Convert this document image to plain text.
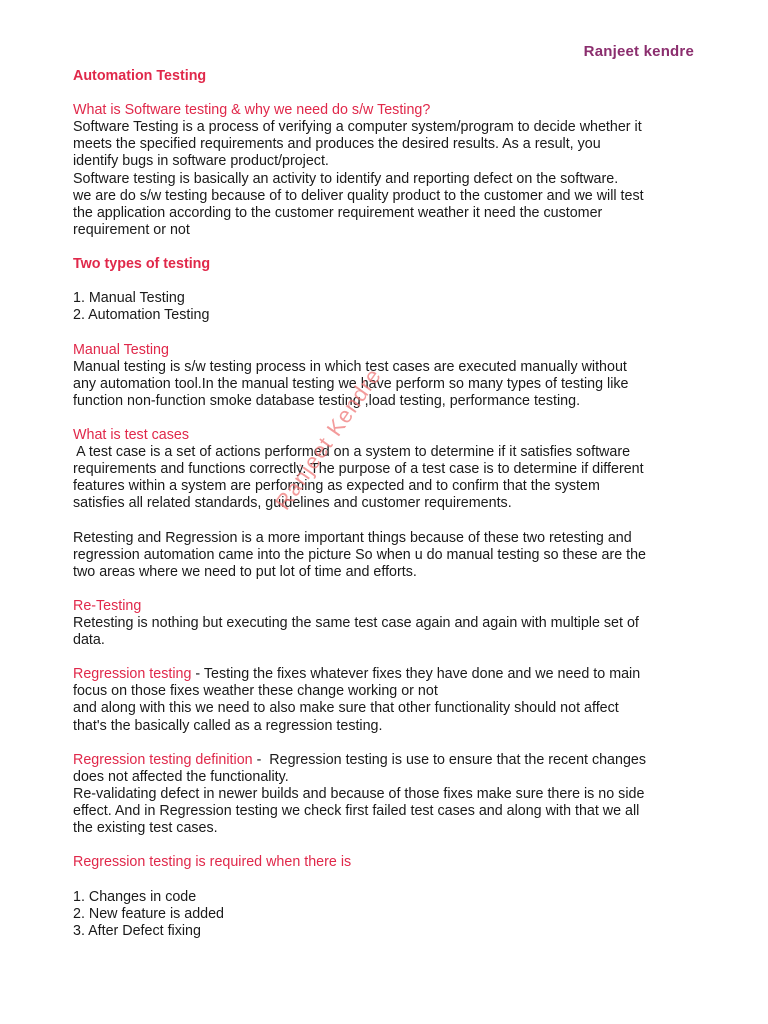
Ranjeet kendre
Automation Testing
What is Software testing & why we need do s/w Testing?
Software Testing is a process of verifying a computer system/program to decide whether it
meets the specified requirements and produces the desired results. As a result, you
identify bugs in software product/project.
Software testing is basically an activity to identify and reporting defect on the software.
we are do s/w testing because of to deliver quality product to the customer and we will test
the application according to the customer requirement weather it need the customer
requirement or not
Two types of testing
1. Manual Testing
2. Automation Testing
Manual Testing
Manual testing is s/w testing process in which test cases are executed manually without
any automation tool.In the manual testing we have perform so many types of testing like
function non-function smoke database testing ,load testing, performance testing.
What is test cases
A test case is a set of actions performed on a system to determine if it satisfies software
requirements and functions correctly. The purpose of a test case is to determine if different
features within a system are performing as expected and to confirm that the system
satisfies all related standards, guidelines and customer requirements.
Retesting and Regression is a more important things because of these two retesting and
regression automation came into the picture So when u do manual testing so these are the
two areas where we need to put lot of time and efforts.
Re-Testing
Retesting is nothing but executing the same test case again and again with multiple set of
data.
Regression testing - Testing the fixes whatever fixes they have done and we need to main
focus on those fixes weather these change working or not
and along with this we need to also make sure that other functionality should not affect
that's the basically called as a regression testing.
Regression testing definition -  Regression testing is use to ensure that the recent changes
does not affected the functionality.
Re-validating defect in newer builds and because of those fixes make sure there is no side
effect. And in Regression testing we check first failed test cases and along with that we all
the existing test cases.
Regression testing is required when there is
1. Changes in code
2. New feature is added
3. After Defect fixing
Ranjeet Kendre
